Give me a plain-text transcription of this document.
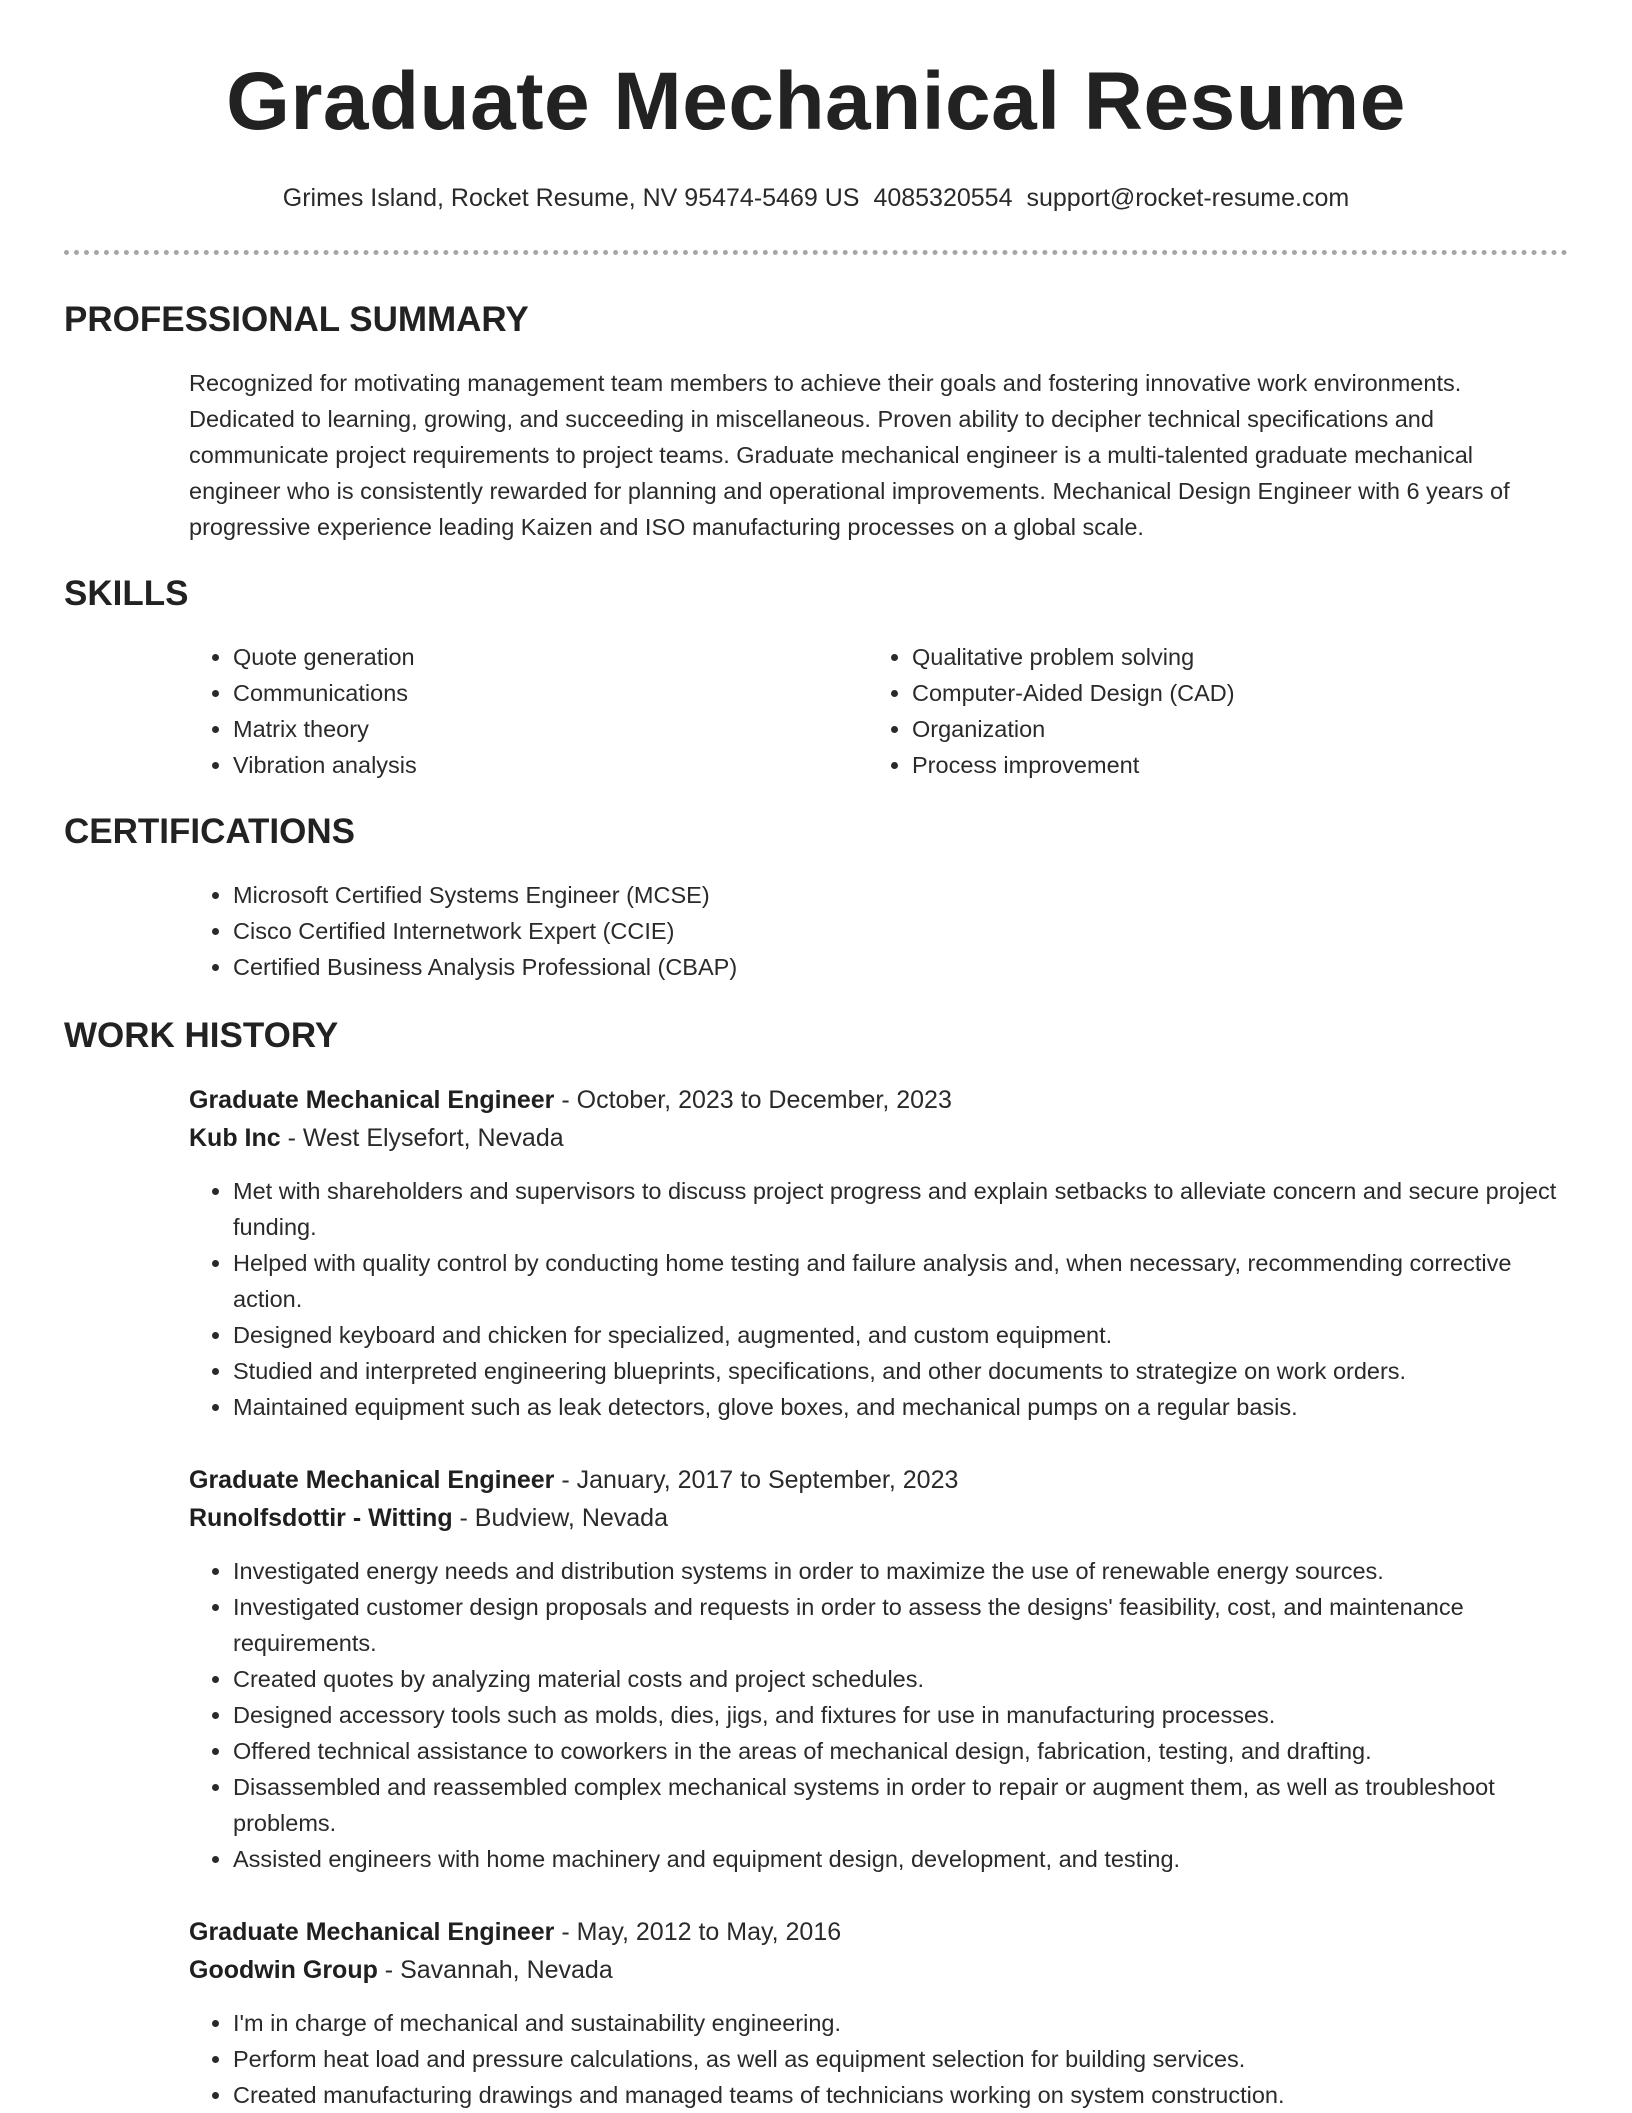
Graduate Mechanical Resume
Grimes Island, Rocket Resume, NV 95474-5469 US 4085320554 support@rocket-resume.com
PROFESSIONAL SUMMARY

Recognized for motivating management team members to achieve their goals and fostering innovative work environments. Dedicated to learning, growing, and succeeding in miscellaneous. Proven ability to decipher technical specifications and communicate project requirements to project teams. Graduate mechanical engineer is a multi-talented graduate mechanical engineer who is consistently rewarded for planning and operational improvements. Mechanical Design Engineer with 6 years of progressive experience leading Kaizen and ISO manufacturing processes on a global scale.

SKILLS
• Quote generation
• Communications
• Matrix theory
• Vibration analysis
• Qualitative problem solving
• Computer-Aided Design (CAD)
• Organization
• Process improvement
CERTIFICATIONS
• Microsoft Certified Systems Engineer (MCSE)
• Cisco Certified Internetwork Expert (CCIE)
• Certified Business Analysis Professional (CBAP)
WORK HISTORY
Graduate Mechanical Engineer - October, 2023 to December, 2023
Kub Inc - West Elysefort, Nevada
• Met with shareholders and supervisors to discuss project progress and explain setbacks to alleviate concern and secure project funding.
• Helped with quality control by conducting home testing and failure analysis and, when necessary, recommending corrective action.
• Designed keyboard and chicken for specialized, augmented, and custom equipment.
• Studied and interpreted engineering blueprints, specifications, and other documents to strategize on work orders.
• Maintained equipment such as leak detectors, glove boxes, and mechanical pumps on a regular basis.
Graduate Mechanical Engineer - January, 2017 to September, 2023
Runolfsdottir - Witting - Budview, Nevada
• Investigated energy needs and distribution systems in order to maximize the use of renewable energy sources.
• Investigated customer design proposals and requests in order to assess the designs' feasibility, cost, and maintenance requirements.
• Created quotes by analyzing material costs and project schedules.
• Designed accessory tools such as molds, dies, jigs, and fixtures for use in manufacturing processes.
• Offered technical assistance to coworkers in the areas of mechanical design, fabrication, testing, and drafting.
• Disassembled and reassembled complex mechanical systems in order to repair or augment them, as well as troubleshoot problems.
• Assisted engineers with home machinery and equipment design, development, and testing.
Graduate Mechanical Engineer - May, 2012 to May, 2016
Goodwin Group - Savannah, Nevada
• I'm in charge of mechanical and sustainability engineering.
• Perform heat load and pressure calculations, as well as equipment selection for building services.
• Created manufacturing drawings and managed teams of technicians working on system construction.
